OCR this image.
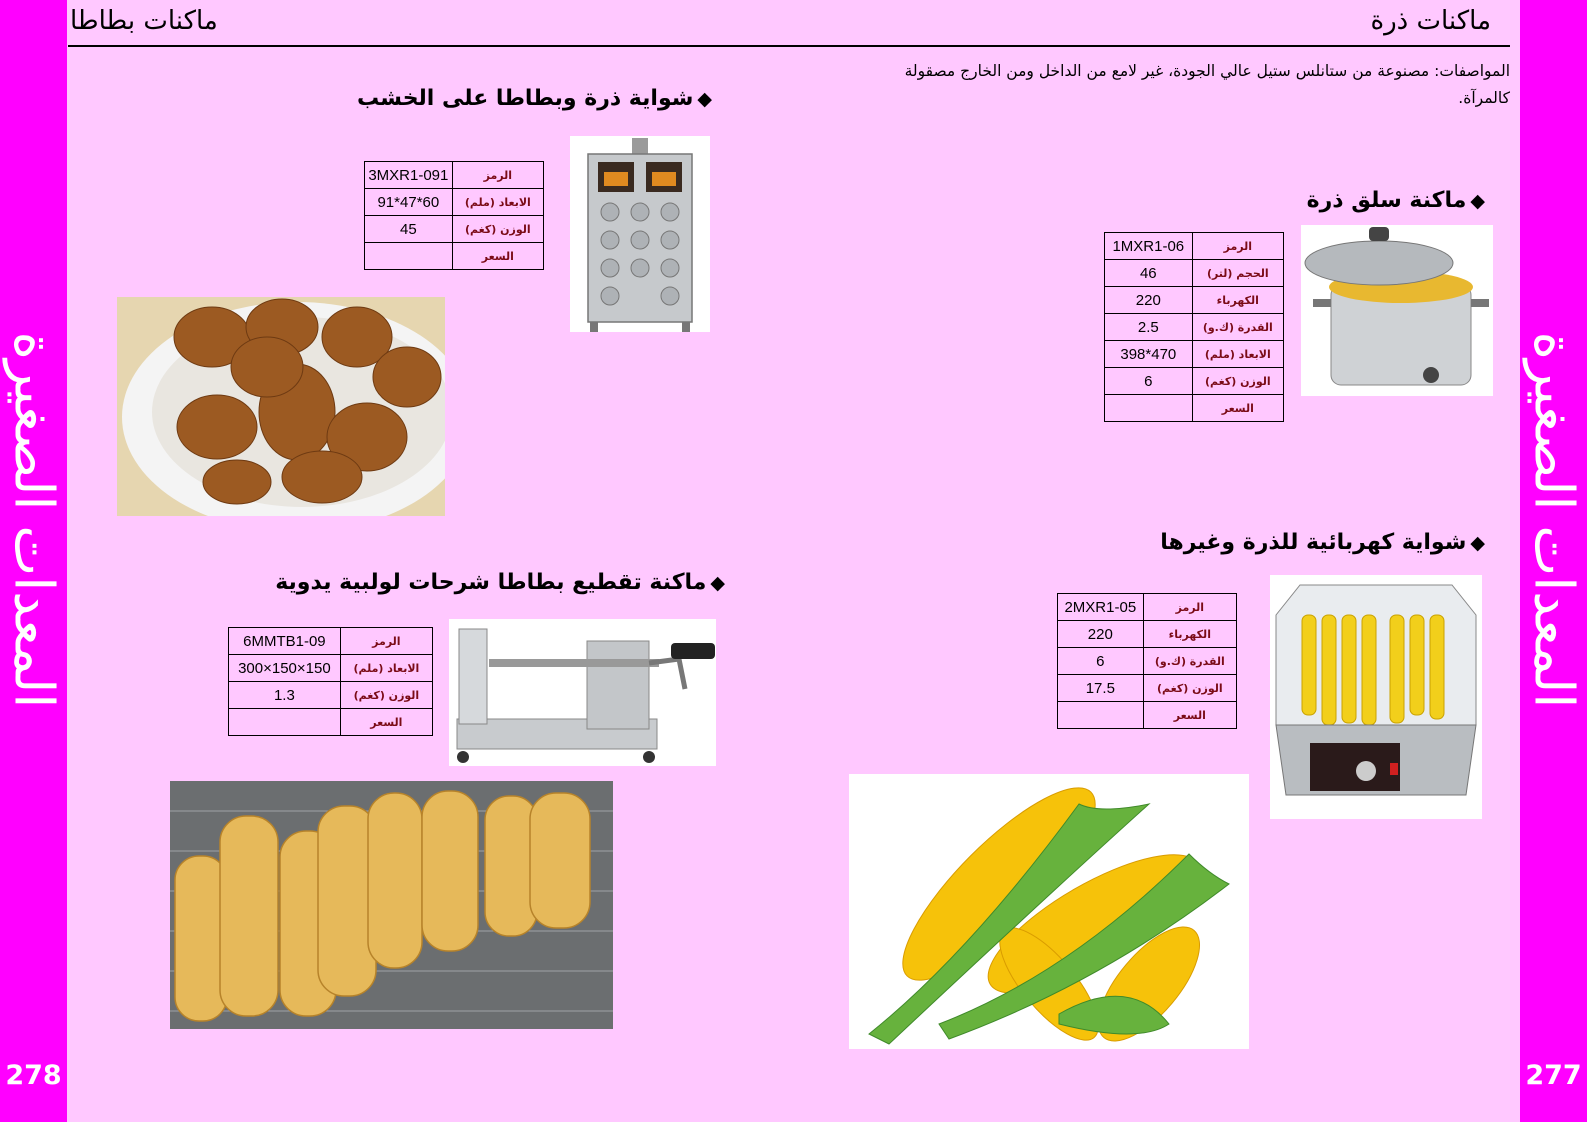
المعدات الصغيرة
278
المعدات الصغيرة
277
ماكنات بطاطا	ماكنات ذرة
المواصفات: مصنوعة من ستانلس ستيل عالي الجودة، غير لامع من الداخل ومن الخارج مصقولة كالمرآة.
◆شواية ذرة وبطاطا على الخشب
الرمز	3MXR1-091
الابعاد (ملم)	60*47*91
الوزن (كغم)	45
السعر	
◆ماكنة سلق ذرة
الرمز	1MXR1-06
الحجم (لتر)	46
الكهرباء	220
القدرة (ك.و)	2.5
الابعاد (ملم)	470*398
الوزن (كغم)	6
السعر	
◆ماكنة تقطيع بطاطا شرحات لولبية يدوية
الرمز	6MMTB1-09
الابعاد (ملم)	150×150×300
الوزن (كغم)	1.3
السعر	
◆شواية كهربائية للذرة وغيرها
الرمز	2MXR1-05
الكهرباء	220
القدرة (ك.و)	6
الوزن (كغم)	17.5
السعر	
